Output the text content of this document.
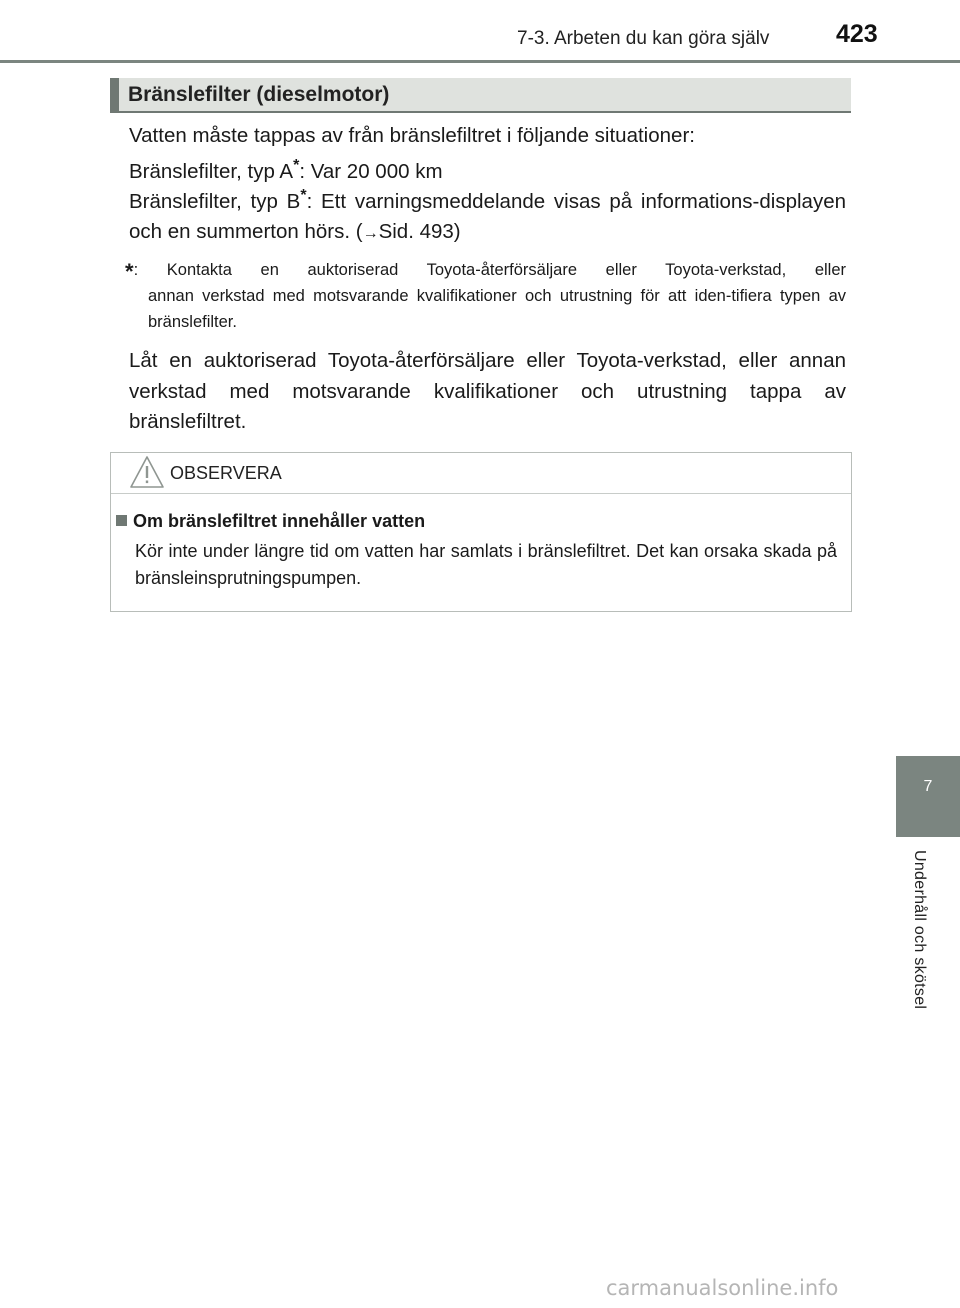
7-3. Arbeten du kan göra själv	423
Bränslefilter (dieselmotor)
Vatten måste tappas av från bränslefiltret i följande situationer:
Bränslefilter, typ A*: Var 20 000 km
Bränslefilter, typ B*: Ett varningsmeddelande visas på informations-displayen och en summerton hörs. (→Sid. 493)
*: Kontakta en auktoriserad Toyota-återförsäljare eller Toyota-verkstad, eller
annan verkstad med motsvarande kvalifikationer och utrustning för att iden-tifiera typen av bränslefilter.
Låt en auktoriserad Toyota-återförsäljare eller Toyota-verkstad, eller annan verkstad med motsvarande kvalifikationer och utrustning tappa av bränslefiltret.
OBSERVERA
Om bränslefiltret innehåller vatten
Kör inte under längre tid om vatten har samlats i bränslefiltret. Det kan orsaka skada på bränsleinsprutningspumpen.
7
Underhåll och skötsel
carmanualsonline.info
